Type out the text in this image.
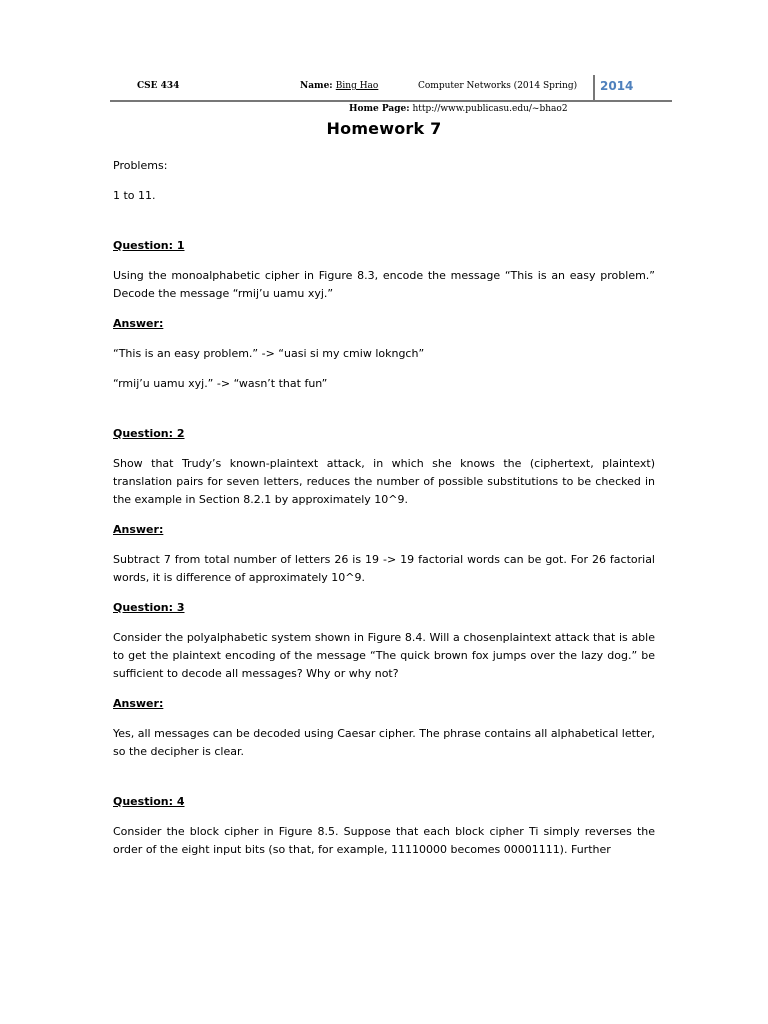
CSE 434	Name: Bing Hao	Computer Networks (2014 Spring) 2014
Home Page: http://www.publicasu.edu/~bhao2
Homework 7

Problems:

1 to 11.

Question: 1

Using the monoalphabetic cipher in Figure 8.3, encode the message “This is an easy problem.” Decode the message “rmij’u uamu xyj.”

Answer:

“This is an easy problem.” -> “uasi si my cmiw lokngch”

“rmij’u uamu xyj.” -> “wasn’t that fun”

Question: 2

Show that Trudy’s known-plaintext attack, in which she knows the (ciphertext, plaintext) translation pairs for seven letters, reduces the number of possible substitutions to be checked in the example in Section 8.2.1 by approximately 10^9.

Answer:

Subtract 7 from total number of letters 26 is 19 -> 19 factorial words can be got. For 26 factorial words, it is difference of approximately 10^9.

Question: 3

Consider the polyalphabetic system shown in Figure 8.4. Will a chosenplaintext attack that is able to get the plaintext encoding of the message “The quick brown fox jumps over the lazy dog.” be sufficient to decode all messages? Why or why not?

Answer:

Yes, all messages can be decoded using Caesar cipher. The phrase contains all alphabetical letter, so the decipher is clear.

Question: 4

Consider the block cipher in Figure 8.5. Suppose that each block cipher Ti simply reverses the order of the eight input bits (so that, for example, 11110000 becomes 00001111). Further
